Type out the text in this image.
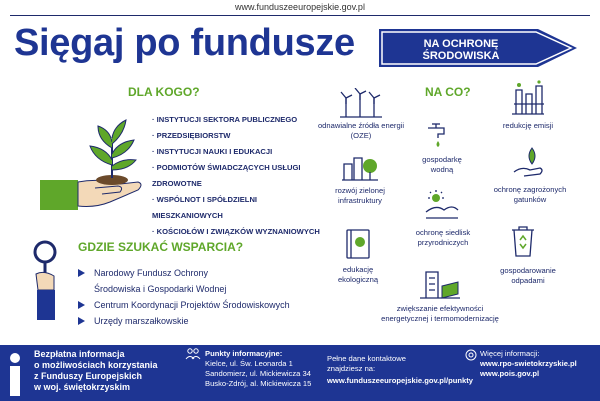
www.funduszeeuropejskie.gov.pl
Sięgaj po fundusze	NA OCHRONĘ ŚRODOWISKA
DLA KOGO?
· INSTYTUCJI SEKTORA PUBLICZNEGO
· PRZEDSIĘBIORSTW
· INSTYTUCJI NAUKI I EDUKACJI
· PODMIOTÓW ŚWIADCZĄCYCH USŁUGI
ZDROWOTNE
· WSPÓLNOT I SPÓŁDZIELNI
MIESZKANIOWYCH
· KOŚCIOŁÓW I ZWIĄZKÓW WYZNANIOWYCH
GDZIE SZUKAĆ WSPARCIA?
Narodowy Fundusz Ochrony
Środowiska i Gospodarki Wodnej
Centrum Koordynacji Projektów Środowiskowych
Urzędy marszałkowskie
NA CO?
odnawialne źródła energii
(OZE)
redukcję emisji
gospodarkę
wodną
rozwój zielonej
infrastruktury
ochronę zagrożonych
gatunków
ochronę siedlisk
przyrodniczych
edukację
ekologiczną
gospodarowanie
odpadami
zwiększanie efektywności
energetycznej i termomodernizację
Bezpłatna informacja
o możliwościach korzystania
z Funduszy Europejskich
w woj. świętokrzyskim
Punkty informacyjne:
Kielce, ul. Św. Leonarda 1
Sandomierz, ul. Mickiewicza 34
Busko-Zdrój, al. Mickiewicza 15
Pełne dane kontaktowe
znajdziesz na:
www.funduszeeuropejskie.gov.pl/punkty
Więcej informacji:
www.rpo-swietokrzyskie.pl
www.pois.gov.pl
